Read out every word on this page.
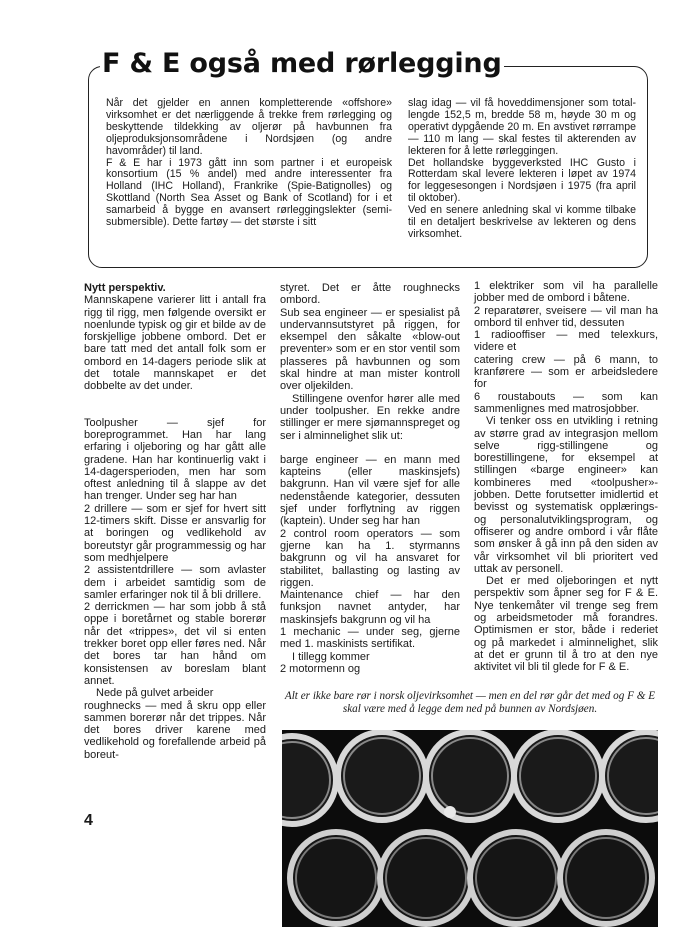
F & E også med rørlegging

Når det gjelder en annen kompletterende «offshore» virksomhet er det nærliggende å trekke frem rørlegging og beskyttende tildekking av oljerør på havbunnen fra oljeproduksjonsområdene i Nordsjøen (og andre havområder) til land.
F & E har i 1973 gått inn som partner i et europeisk konsortium (15 % andel) med andre interessenter fra Holland (IHC Holland), Frankrike (Spie-Batignolles) og Skottland (North Sea Asset og Bank of Scotland) for i et samarbeid å bygge en avansert rørleggingslekter (semi-submersible). Dette fartøy — det største i sitt

slag idag — vil få hoveddimensjoner som total-lengde 152,5 m, bredde 58 m, høyde 30 m og operativt dypgående 20 m. En avstivet rørrampe — 110 m lang — skal festes til akterenden av lekteren for å lette rørleggingen.
Det hollandske byggeverksted IHC Gusto i Rotterdam skal levere lekteren i løpet av 1974 for leggesesongen i Nordsjøen i 1975 (fra april til oktober).
Ved en senere anledning skal vi komme tilbake til en detaljert beskrivelse av lekteren og dens virksomhet.

Nytt perspektiv.

Mannskapene varierer litt i antall fra rigg til rigg, men følgende oversikt er noenlunde typisk og gir et bilde av de forskjellige jobbene ombord. Det er bare tatt med det antall folk som er ombord en 14-dagers periode slik at det totale mannskapet er det dobbelte av det under.

Toolpusher — sjef for boreprogrammet. Han har lang erfaring i oljeboring og har gått alle gradene. Han har kontinuerlig vakt i 14-dagersperioden, men har som oftest anledning til å slappe av det han trenger. Under seg har han

2 drillere — som er sjef for hvert sitt 12-timers skift. Disse er ansvarlig for at boringen og vedlikehold av boreutstyr går programmessig og har som medhjelpere

2 assistentdrillere — som avlaster dem i arbeidet samtidig som de samler erfaringer nok til å bli drillere.

2 derrickmen — har som jobb å stå oppe i boretårnet og stable borerør når det «trippes», det vil si enten trekker boret opp eller føres ned. Når det bores tar han hånd om konsistensen av boreslam blant annet.

Nede på gulvet arbeider

roughnecks — med å skru opp eller sammen borerør når det trippes. Når det bores driver karene med vedlikehold og forefallende arbeid på boreut-

styret. Det er åtte roughnecks ombord.

Sub sea engineer — er spesialist på undervannsutstyret på riggen, for eksempel den såkalte «blow-out preventer» som er en stor ventil som plasseres på havbunnen og som skal hindre at man mister kontroll over oljekilden.

Stillingene ovenfor hører alle med under toolpusher. En rekke andre stillinger er mere sjømannspreget og ser i alminnelighet slik ut:

barge engineer — en mann med kapteins (eller maskinsjefs) bakgrunn. Han vil være sjef for alle nedenstående kategorier, dessuten sjef under forflytning av riggen (kaptein). Under seg har han

2 control room operators — som gjerne kan ha 1. styrmanns bakgrunn og vil ha ansvaret for stabilitet, ballasting og lasting av riggen.

Maintenance chief — har den funksjon navnet antyder, har maskinsjefs bakgrunn og vil ha

1 mechanic — under seg, gjerne med 1. maskinists sertifikat.

I tillegg kommer

2 motormenn og

1 elektriker som vil ha parallelle jobber med de ombord i båtene.

2 reparatører, sveisere — vil man ha ombord til enhver tid, dessuten

1 radiooffiser — med telexkurs, videre et

catering crew — på 6 mann, to kranførere — som er arbeidsledere for

6 roustabouts — som kan sammenlignes med matrosjobber.

Vi tenker oss en utvikling i retning av større grad av integrasjon mellom selve rigg-stillingene og borestillingene, for eksempel at stillingen «barge engineer» kan kombineres med «toolpusher»-jobben. Dette forutsetter imidlertid et bevisst og systematisk opplærings- og personalutviklingsprogram, og offiserer og andre ombord i vår flåte som ønsker å gå inn på den siden av vår virksomhet vil bli prioritert ved uttak av personell.

Det er med oljeboringen et nytt perspektiv som åpner seg for F & E. Nye tenkemåter vil trenge seg frem og arbeidsmetoder må forandres. Optimismen er stor, både i rederiet og på markedet i alminnelighet, slik at det er grunn til å tro at den nye aktivitet vil bli til glede for F & E.

Alt er ikke bare rør i norsk oljevirksomhet — men en del rør går det med og F & E skal være med å legge dem ned på bunnen av Nordsjøen.

4
